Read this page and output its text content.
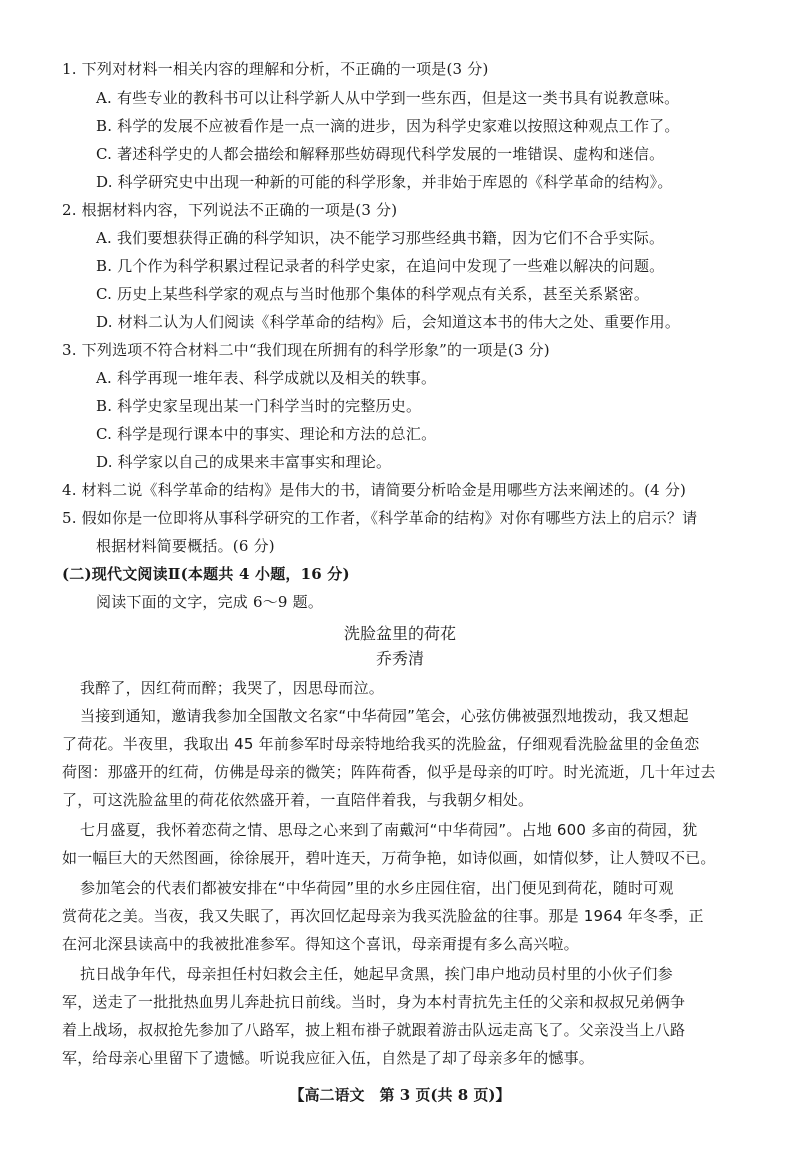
1. 下列对材料一相关内容的理解和分析，不正确的一项是(3 分)
A. 有些专业的教科书可以让科学新人从中学到一些东西，但是这一类书具有说教意味。
B. 科学的发展不应被看作是一点一滴的进步，因为科学史家难以按照这种观点工作了。
C. 著述科学史的人都会描绘和解释那些妨碍现代科学发展的一堆错误、虚构和迷信。
D. 科学研究史中出现一种新的可能的科学形象，并非始于库恩的《科学革命的结构》。
2. 根据材料内容，下列说法不正确的一项是(3 分)
A. 我们要想获得正确的科学知识，决不能学习那些经典书籍，因为它们不合乎实际。
B. 几个作为科学积累过程记录者的科学史家，在追问中发现了一些难以解决的问题。
C. 历史上某些科学家的观点与当时他那个集体的科学观点有关系，甚至关系紧密。
D. 材料二认为人们阅读《科学革命的结构》后，会知道这本书的伟大之处、重要作用。
3. 下列选项不符合材料二中“我们现在所拥有的科学形象”的一项是(3 分)
A. 科学再现一堆年表、科学成就以及相关的轶事。
B. 科学史家呈现出某一门科学当时的完整历史。
C. 科学是现行课本中的事实、理论和方法的总汇。
D. 科学家以自己的成果来丰富事实和理论。
4. 材料二说《科学革命的结构》是伟大的书，请简要分析哈金是用哪些方法来阐述的。(4 分)
5. 假如你是一位即将从事科学研究的工作者，《科学革命的结构》对你有哪些方法上的启示？请
根据材料简要概括。(6 分)
(二)现代文阅读Ⅱ(本题共 4 小题，16 分)
阅读下面的文字，完成 6～9 题。
洗脸盆里的荷花
乔秀清
我醉了，因红荷而醉；我哭了，因思母而泣。
当接到通知，邀请我参加全国散文名家“中华荷园”笔会，心弦仿佛被强烈地拨动，我又想起
了荷花。半夜里，我取出 45 年前参军时母亲特地给我买的洗脸盆，仔细观看洗脸盆里的金鱼恋
荷图：那盛开的红荷，仿佛是母亲的微笑；阵阵荷香，似乎是母亲的叮咛。时光流逝，几十年过去
了，可这洗脸盆里的荷花依然盛开着，一直陪伴着我，与我朝夕相处。
七月盛夏，我怀着恋荷之情、思母之心来到了南戴河“中华荷园”。占地 600 多亩的荷园，犹
如一幅巨大的天然图画，徐徐展开，碧叶连天，万荷争艳，如诗似画，如情似梦，让人赞叹不已。
参加笔会的代表们都被安排在“中华荷园”里的水乡庄园住宿，出门便见到荷花，随时可观
赏荷花之美。当夜，我又失眠了，再次回忆起母亲为我买洗脸盆的往事。那是 1964 年冬季，正
在河北深县读高中的我被批准参军。得知这个喜讯，母亲甭提有多么高兴啦。
抗日战争年代，母亲担任村妇救会主任，她起早贪黑，挨门串户地动员村里的小伙子们参
军，送走了一批批热血男儿奔赴抗日前线。当时，身为本村青抗先主任的父亲和叔叔兄弟俩争
着上战场，叔叔抢先参加了八路军，披上粗布褂子就跟着游击队远走高飞了。父亲没当上八路
军，给母亲心里留下了遗憾。听说我应征入伍，自然是了却了母亲多年的憾事。
【高二语文　第 3 页(共 8 页)】
